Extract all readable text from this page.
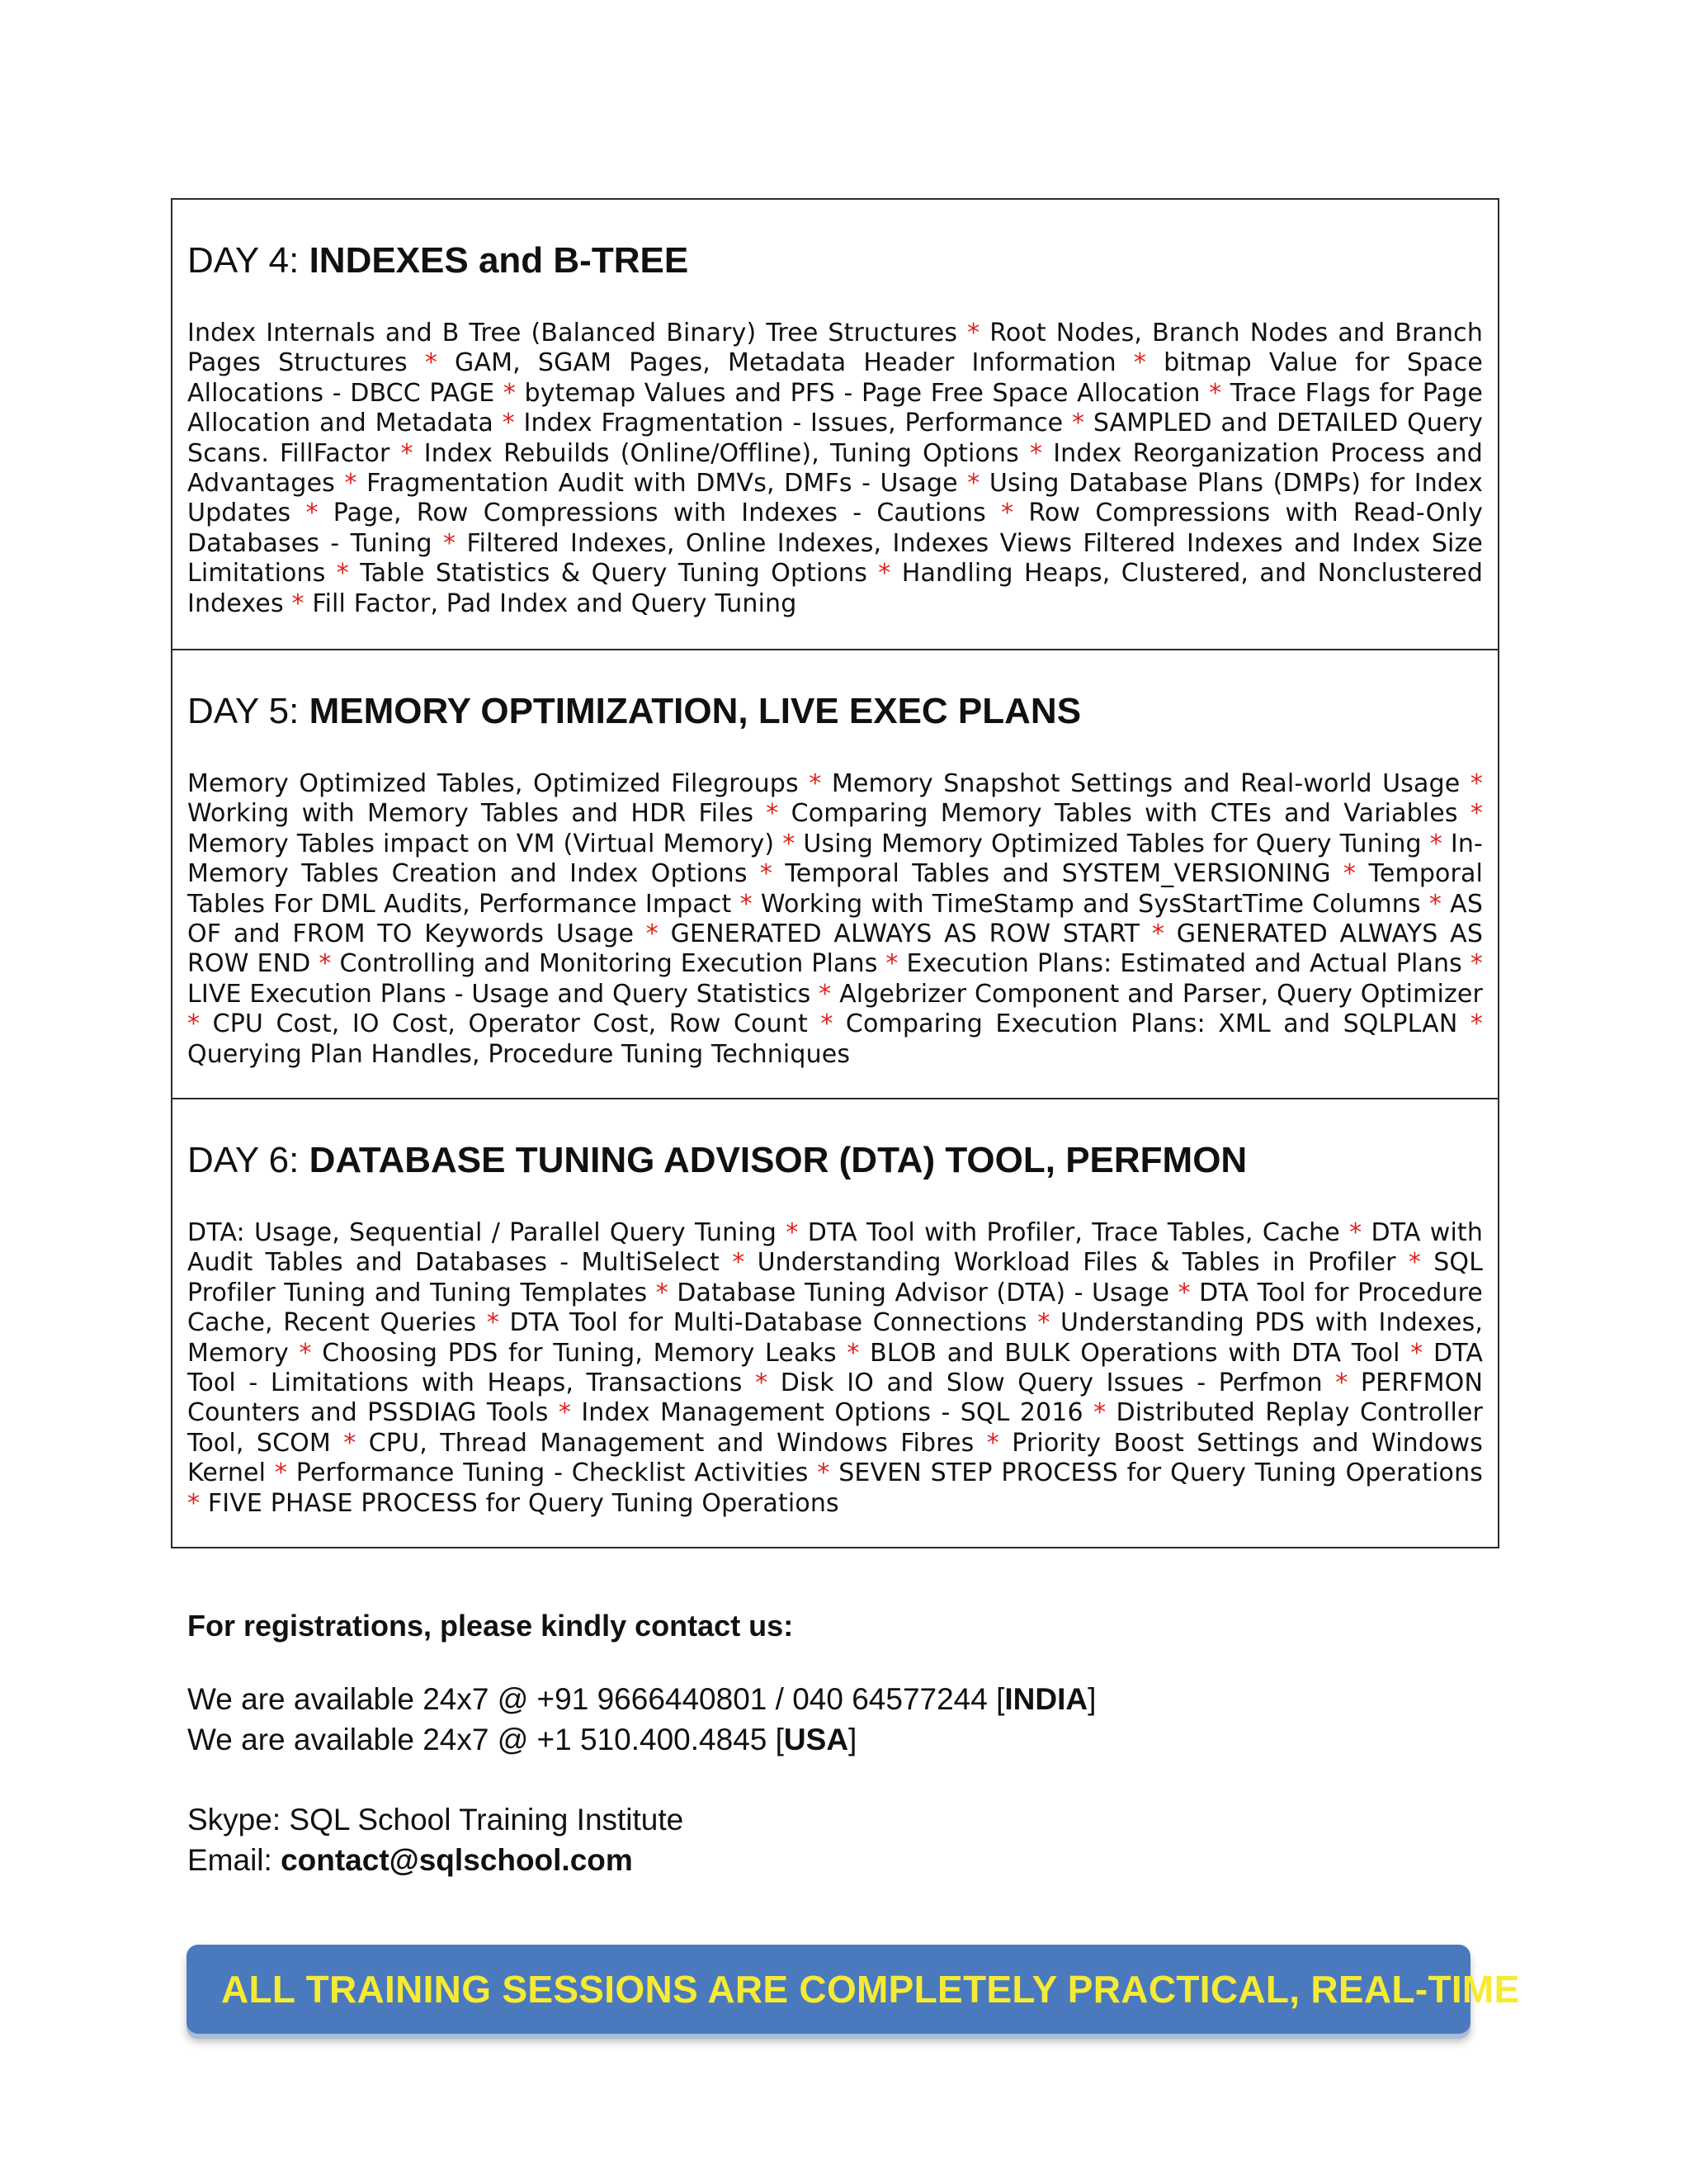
DAY 4: INDEXES and B-TREE
Index Internals and B Tree (Balanced Binary) Tree Structures * Root Nodes, Branch Nodes and Branch Pages Structures * GAM, SGAM Pages, Metadata Header Information * bitmap Value for Space Allocations - DBCC PAGE * bytemap Values and PFS - Page Free Space Allocation * Trace Flags for Page Allocation and Metadata * Index Fragmentation - Issues, Performance * SAMPLED and DETAILED Query Scans. FillFactor * Index Rebuilds (Online/Offline), Tuning Options * Index Reorganization Process and Advantages * Fragmentation Audit with DMVs, DMFs - Usage * Using Database Plans (DMPs) for Index Updates * Page, Row Compressions with Indexes - Cautions * Row Compressions with Read-Only Databases - Tuning * Filtered Indexes, Online Indexes, Indexes Views Filtered Indexes and Index Size Limitations * Table Statistics & Query Tuning Options * Handling Heaps, Clustered, and Nonclustered Indexes * Fill Factor, Pad Index and Query Tuning
DAY 5: MEMORY OPTIMIZATION, LIVE EXEC PLANS
Memory Optimized Tables, Optimized Filegroups * Memory Snapshot Settings and Real-world Usage * Working with Memory Tables and HDR Files * Comparing Memory Tables with CTEs and Variables * Memory Tables impact on VM (Virtual Memory) * Using Memory Optimized Tables for Query Tuning * In-Memory Tables Creation and Index Options * Temporal Tables and SYSTEM_VERSIONING * Temporal Tables For DML Audits, Performance Impact * Working with TimeStamp and SysStartTime Columns * AS OF and FROM TO Keywords Usage * GENERATED ALWAYS AS ROW START * GENERATED ALWAYS AS ROW END * Controlling and Monitoring Execution Plans * Execution Plans: Estimated and Actual Plans * LIVE Execution Plans - Usage and Query Statistics * Algebrizer Component and Parser, Query Optimizer * CPU Cost, IO Cost, Operator Cost, Row Count * Comparing Execution Plans: XML and SQLPLAN * Querying Plan Handles, Procedure Tuning Techniques
DAY 6: DATABASE TUNING ADVISOR (DTA) TOOL, PERFMON
DTA: Usage, Sequential / Parallel Query Tuning * DTA Tool with Profiler, Trace Tables, Cache * DTA with Audit Tables and Databases - MultiSelect * Understanding Workload Files & Tables in Profiler * SQL Profiler Tuning and Tuning Templates * Database Tuning Advisor (DTA) - Usage * DTA Tool for Procedure Cache, Recent Queries * DTA Tool for Multi-Database Connections * Understanding PDS with Indexes, Memory * Choosing PDS for Tuning, Memory Leaks * BLOB and BULK Operations with DTA Tool * DTA Tool - Limitations with Heaps, Transactions * Disk IO and Slow Query Issues - Perfmon * PERFMON Counters and PSSDIAG Tools * Index Management Options - SQL 2016 * Distributed Replay Controller Tool, SCOM * CPU, Thread Management and Windows Fibres * Priority Boost Settings and Windows Kernel * Performance Tuning - Checklist Activities * SEVEN STEP PROCESS for Query Tuning Operations * FIVE PHASE PROCESS for Query Tuning Operations

For registrations, please kindly contact us:

We are available 24x7 @ +91 9666440801 / 040 64577244 [INDIA]

We are available 24x7 @ +1 510.400.4845 [USA]

Skype: SQL School Training Institute

Email: contact@sqlschool.com

ALL TRAINING SESSIONS ARE COMPLETELY PRACTICAL, REAL-TIME.
